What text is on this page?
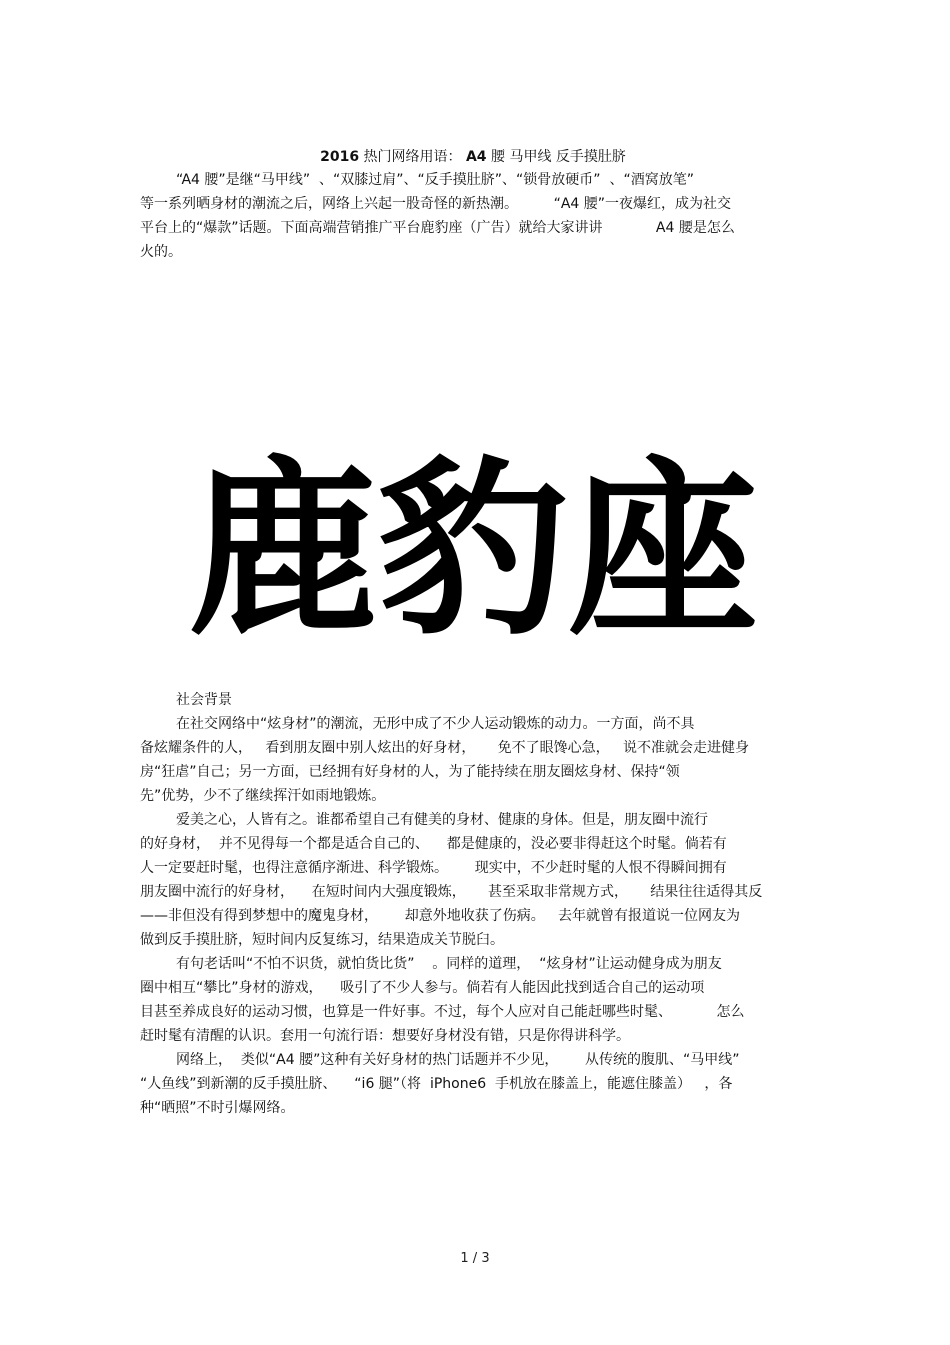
2016 热门网络用语： A4 腰 马甲线 反手摸肚脐
“A4 腰”是继“马甲线”  、“双膝过肩”、“反手摸肚脐”、“锁骨放硬币”  、“酒窝放笔”
等一系列晒身材的潮流之后，网络上兴起一股奇怪的新热潮。        “A4 腰”一夜爆红，成为社交
平台上的“爆款”话题。下面高端营销推广平台鹿豹座（广告）就给大家讲讲            A4 腰是怎么
火的。
鹿豹座
社会背景
在社交网络中“炫身材”的潮流，无形中成了不少人运动锻炼的动力。一方面，尚不具
备炫耀条件的人，   看到朋友圈中别人炫出的好身材，     免不了眼馋心急，   说不准就会走进健身
房“狂虐”自己；另一方面，已经拥有好身材的人，为了能持续在朋友圈炫身材、保持“领
先”优势，少不了继续挥汗如雨地锻炼。
爱美之心，人皆有之。谁都希望自己有健美的身材、健康的身体。但是，朋友圈中流行
的好身材，  并不见得每一个都是适合自己的、    都是健康的，没必要非得赶这个时髦。倘若有
人一定要赶时髦，也得注意循序渐进、科学锻炼。      现实中，不少赶时髦的人恨不得瞬间拥有
朋友圈中流行的好身材，    在短时间内大强度锻炼，     甚至采取非常规方式，     结果往往适得其反
——非但没有得到梦想中的魔鬼身材，      却意外地收获了伤病。   去年就曾有报道说一位网友为
做到反手摸肚脐，短时间内反复练习，结果造成关节脱臼。
有句老话叫“不怕不识货，就怕货比货”    。同样的道理，  “炫身材”让运动健身成为朋友
圈中相互“攀比”身材的游戏，    吸引了不少人参与。倘若有人能因此找到适合自己的运动项
目甚至养成良好的运动习惯，也算是一件好事。不过，每个人应对自己能赶哪些时髦、          怎么
赶时髦有清醒的认识。套用一句流行语：想要好身材没有错，只是你得讲科学。
网络上，  类似“A4 腰”这种有关好身材的热门话题并不少见，      从传统的腹肌、“马甲线”
“人鱼线”到新潮的反手摸肚脐、    “i6 腿”（将  iPhone6  手机放在膝盖上，能遮住膝盖）   ，各
种“晒照”不时引爆网络。
1 / 3
